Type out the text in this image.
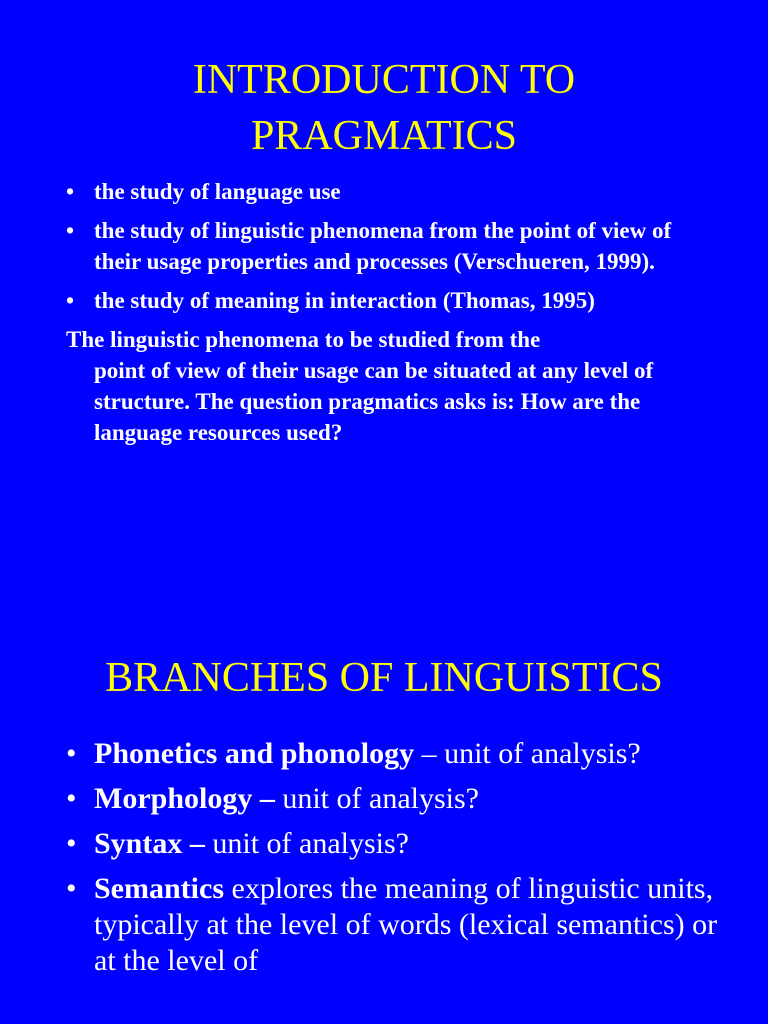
INTRODUCTION TO
PRAGMATICS
• the study of language use
• the study of linguistic phenomena from the point of view of their usage properties and processes (Verschueren, 1999).
• the study of meaning in interaction (Thomas, 1995)

The linguistic phenomena to be studied from the
point of view of their usage can be situated at any level of structure. The question pragmatics asks is: How are the language resources used?

BRANCHES OF LINGUISTICS
• Phonetics and phonology – unit of analysis?
• Morphology – unit of analysis?
• Syntax – unit of analysis?
• Semantics explores the meaning of linguistic units, typically at the level of words (lexical semantics) or at the level of
